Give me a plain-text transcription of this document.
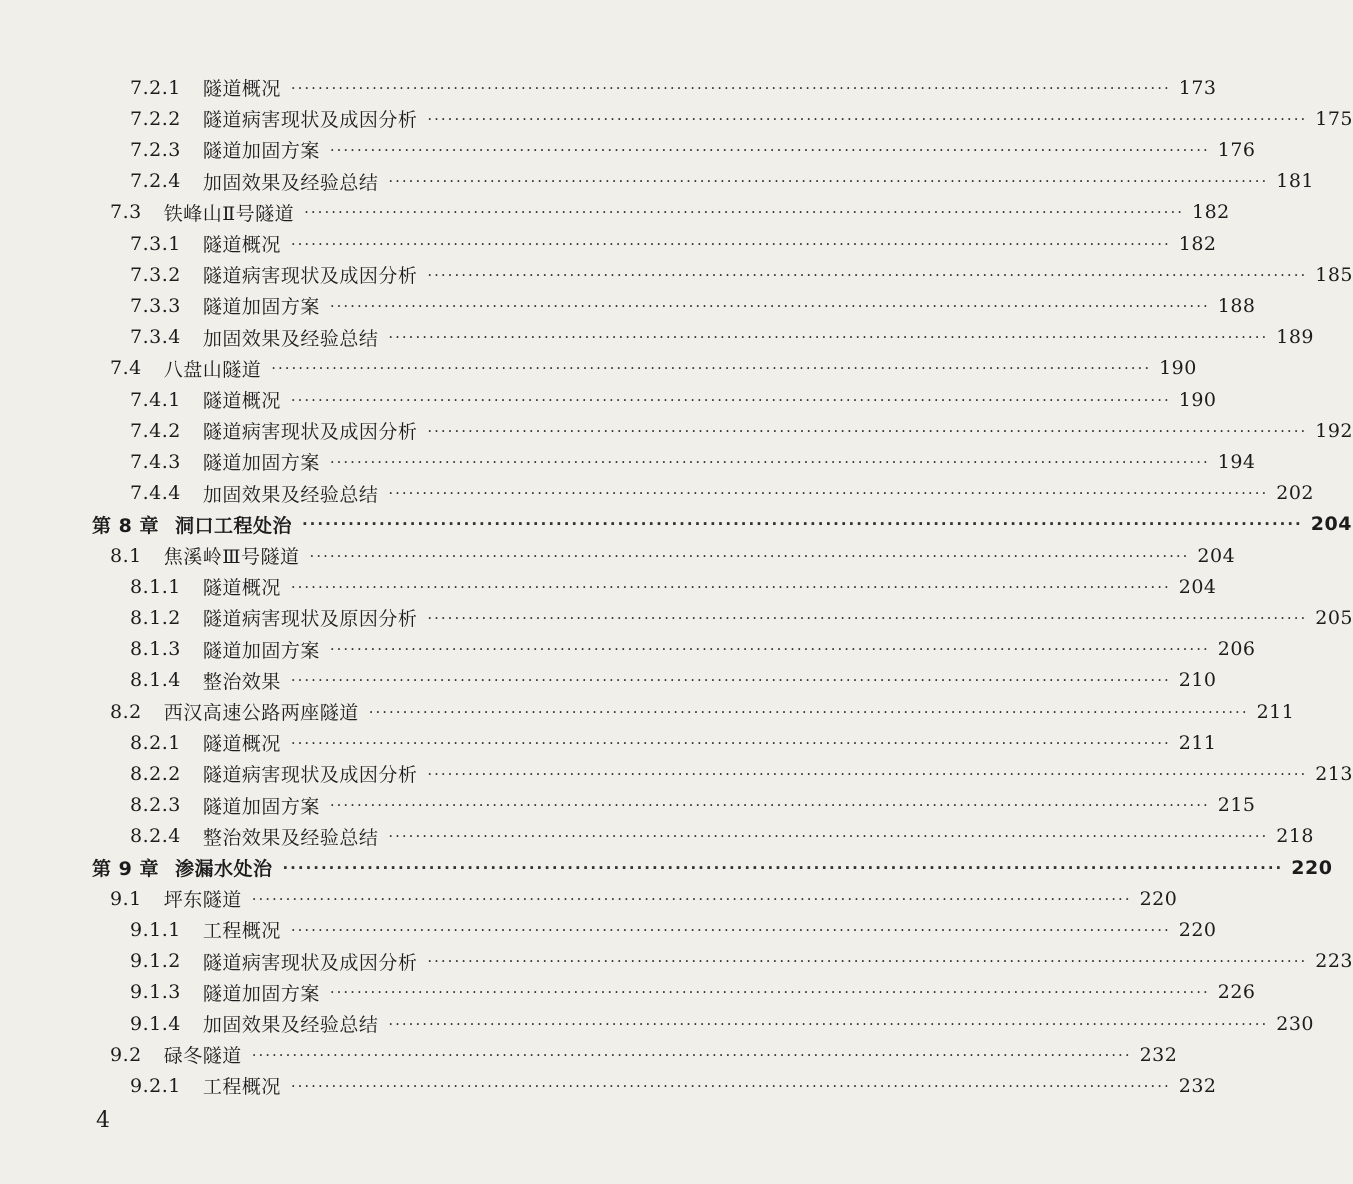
7.2.1 隧道概况 ·····	173
7.2.2 隧道病害现状及成因分析 ·····	175
7.2.3 隧道加固方案 ·····	176
7.2.4 加固效果及经验总结 ·····	181
7.3 铁峰山Ⅱ号隧道 ·····	182
7.3.1 隧道概况 ·····	182
7.3.2 隧道病害现状及成因分析 ·····	185
7.3.3 隧道加固方案 ·····	188
7.3.4 加固效果及经验总结 ·····	189
7.4 八盘山隧道 ·····	190
7.4.1 隧道概况 ·····	190
7.4.2 隧道病害现状及成因分析 ·····	192
7.4.3 隧道加固方案 ·····	194
7.4.4 加固效果及经验总结 ·····	202
第 8 章 洞口工程处治 ·····	204
8.1 焦溪岭Ⅲ号隧道 ·····	204
8.1.1 隧道概况 ·····	204
8.1.2 隧道病害现状及原因分析 ·····	205
8.1.3 隧道加固方案 ·····	206
8.1.4 整治效果 ·····	210
8.2 西汉高速公路两座隧道 ·····	211
8.2.1 隧道概况 ·····	211
8.2.2 隧道病害现状及成因分析 ·····	213
8.2.3 隧道加固方案 ·····	215
8.2.4 整治效果及经验总结 ·····	218
第 9 章 渗漏水处治 ·····	220
9.1 坪东隧道 ·····	220
9.1.1 工程概况 ·····	220
9.1.2 隧道病害现状及成因分析 ·····	223
9.1.3 隧道加固方案 ·····	226
9.1.4 加固效果及经验总结 ·····	230
9.2 碌冬隧道 ·····	232
9.2.1 工程概况 ·····	232
4
